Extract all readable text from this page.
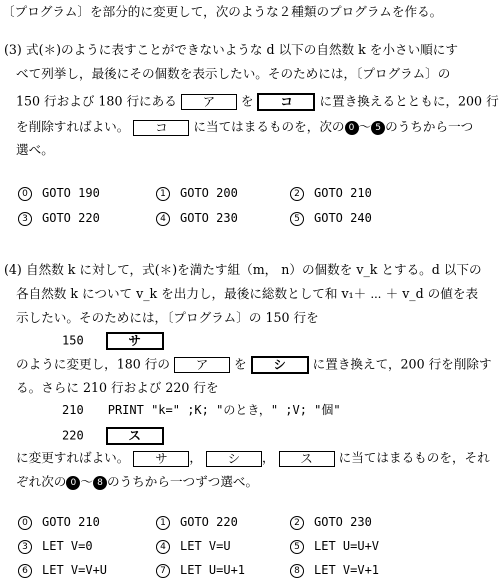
〔プログラム〕を部分的に変更して，次のような２種類のプログラムを作る。
(3) 式(＊)のように表すことができないような d 以下の自然数 k を小さい順にす
べて列挙し，最後にその個数を表示したい。そのためには，〔プログラム〕の
150 行および 180 行にある ア を コ に置き換えるとともに，200 行
を削除すればよい。 コ に当てはまるものを，次の 0 〜 5 のうちから一つ
選べ。
0 GOTO 190	1 GOTO 200	2 GOTO 210
3 GOTO 220	4 GOTO 230	5 GOTO 240
(4) 自然数 k に対して，式(＊)を満たす組（m， n）の個数を v_k とする。d 以下の
各自然数 k について v_k を出力し，最後に総数として和 v₁＋ ⋯ ＋ v_d の値を表
示したい。そのためには，〔プログラム〕の 150 行を
150	サ
のように変更し，180 行の ア を シ に置き換えて，200 行を削除す
る。さらに 210 行および 220 行を
210 PRINT "k=" ;K; "のとき，" ;V; "個"
220	ス
に変更すればよい。 サ ， シ ， ス に当てはまるものを，それ
ぞれ次の 0 〜 8 のうちから一つずつ選べ。
0 GOTO 210	1 GOTO 220	2 GOTO 230
3 LET V=0	4 LET V=U	5 LET U=U+V
6 LET V=V+U	7 LET U=U+1	8 LET V=V+1
